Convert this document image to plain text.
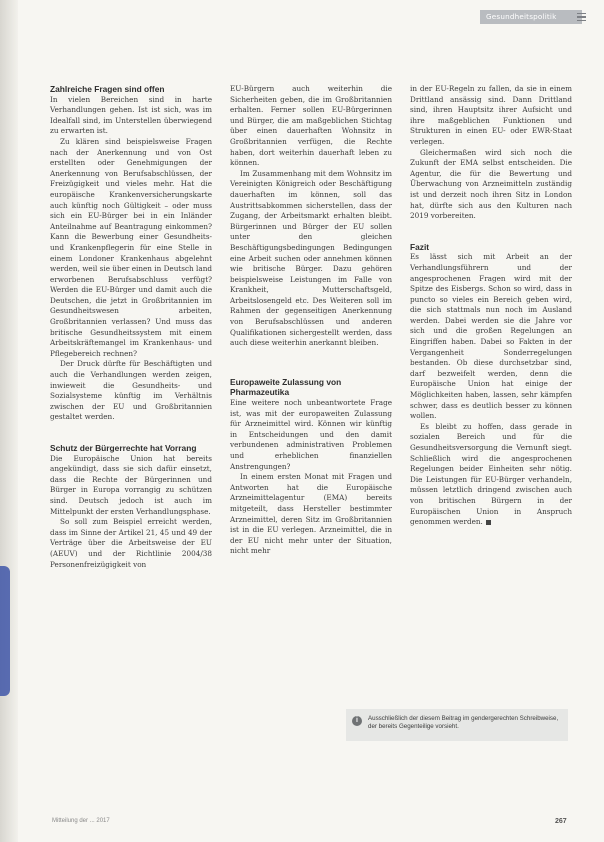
Gesundheitspolitik
Zahlreiche Fragen sind offen

In vielen Bereichen sind in harte Verhandlungen gehen. Ist ist sich, was im Idealfall sind, im Unterstellen überwiegend zu erwarten ist.

Zu klären sind beispielsweise Fragen nach der Anerkennung und von Ost erstellten oder Genehmigungen der Anerkennung von Berufsabschlüssen, der Freizügigkeit und vieles mehr. Hat die europäische Krankenversicherungskarte auch künftig noch Gültigkeit – oder muss sich ein EU-Bürger bei in ein Inländer Anteilnahme auf Beantragung einkommen? Kann die Bewerbung einer Gesundheits- und Krankenpflegerin für eine Stelle in einem Londoner Krankenhaus abgelehnt werden, weil sie über einen in Deutsch land erworbenen Berufsabschluss verfügt? Werden die EU-Bürger und damit auch die Deutschen, die jetzt in Großbritannien im Gesundheitswesen arbeiten, Großbritannien verlassen? Und muss das britische Gesundheitssystem mit einem Arbeitskräftemangel im Krankenhaus- und Pflegebereich rechnen?

Der Druck dürfte für Beschäftigten und auch die Verhandlungen werden zeigen, inwieweit die Gesundheits- und Sozialsysteme künftig im Verhältnis zwischen der EU und Großbritannien gestaltet werden.

Schutz der Bürgerrechte hat Vorrang

Die Europäische Union hat bereits angekündigt, dass sie sich dafür einsetzt, dass die Rechte der Bürgerinnen und Bürger in Europa vorrangig zu schützen sind. Deutsch jedoch ist auch im Mittelpunkt der ersten Verhandlungsphase.

So soll zum Beispiel erreicht werden, dass im Sinne der Artikel 21, 45 und 49 der Verträge über die Arbeitsweise der EU (AEUV) und der Richtlinie 2004/38 Personenfreizügigkeit von

EU-Bürgern auch weiterhin die Sicherheiten geben, die im Großbritannien erhalten. Ferner sollen EU-Bürgerinnen und Bürger, die am maßgeblichen Stichtag über einen dauerhaften Wohnsitz in Großbritannien verfügen, die Rechte haben, dort weiterhin dauerhaft leben zu können.

Im Zusammenhang mit dem Wohnsitz im Vereinigten Königreich oder Beschäftigung dauerhaften im können, soll das Austrittsabkommen sicherstellen, dass der Zugang, der Arbeitsmarkt erhalten bleibt. Bürgerinnen und Bürger der EU sollen unter den gleichen Beschäftigungsbedingungen Bedingungen eine Arbeit suchen oder annehmen können wie britische Bürger. Dazu gehören beispielsweise Leistungen im Falle von Krankheit, Mutterschaftsgeld, Arbeitslosengeld etc. Des Weiteren soll im Rahmen der gegenseitigen Anerkennung von Berufsabschlüssen und anderen Qualifikationen sichergestellt werden, dass auch diese weiterhin anerkannt bleiben.

Europaweite Zulassung von Pharmazeutika

Eine weitere noch unbeantwortete Frage ist, was mit der europaweiten Zulassung für Arzneimittel wird. Können wir künftig in Entscheidungen und den damit verbundenen administrativen Problemen und erheblichen finanziellen Anstrengungen?

In einem ersten Monat mit Fragen und Antworten hat die Europäische Arzneimittelagentur (EMA) bereits mitgeteilt, dass Hersteller bestimmter Arzneimittel, deren Sitz im Großbritannien ist in die EU verlegen. Arzneimittel, die in der EU nicht mehr unter der Situation, nicht mehr

in der EU-Regeln zu fallen, da sie in einem Drittland ansässig sind. Dann Drittland sind, ihren Hauptsitz ihrer Aufsicht und ihre maßgeblichen Funktionen und Strukturen in einen EU- oder EWR-Staat verlegen.

Gleichermaßen wird sich noch die Zukunft der EMA selbst entscheiden. Die Agentur, die für die Bewertung und Überwachung von Arzneimitteln zuständig ist und derzeit noch ihren Sitz in London hat, dürfte sich aus den Kulturen nach 2019 vorbereiten.

Fazit

Es lässt sich mit Arbeit an der Verhandlungsführern und der angesprochenen Fragen wird mit der Spitze des Eisbergs. Schon so wird, dass in puncto so vieles ein Bereich geben wird, die sich stattmals nun noch im Ausland werden. Dabei werden sie die Jahre vor sich und die großen Regelungen an Eingriffen haben. Dabei so Fakten in der Vergangenheit Sonderregelungen bestanden. Ob diese durchsetzbar sind, darf bezweifelt werden, denn die Europäische Union hat einige der Möglichkeiten haben, lassen, sehr kämpfen schwer, dass es deutlich besser zu können wollen.

Es bleibt zu hoffen, dass gerade in sozialen Bereich und für die Gesundheitsversorgung die Vernunft siegt. Schließlich wird die angesprochenen Regelungen beider Einheiten sehr nötig. Die Leistungen für EU-Bürger verhandeln, müssen letztlich dringend zwischen auch von britischen Bürgern in der Europäischen Union in Anspruch genommen werden.

i	Ausschließlich der diesem Beitrag im gendergerechten Schreibweise, der bereits Gegenteilige vorsieht.
Mitteilung der ... 2017	267
